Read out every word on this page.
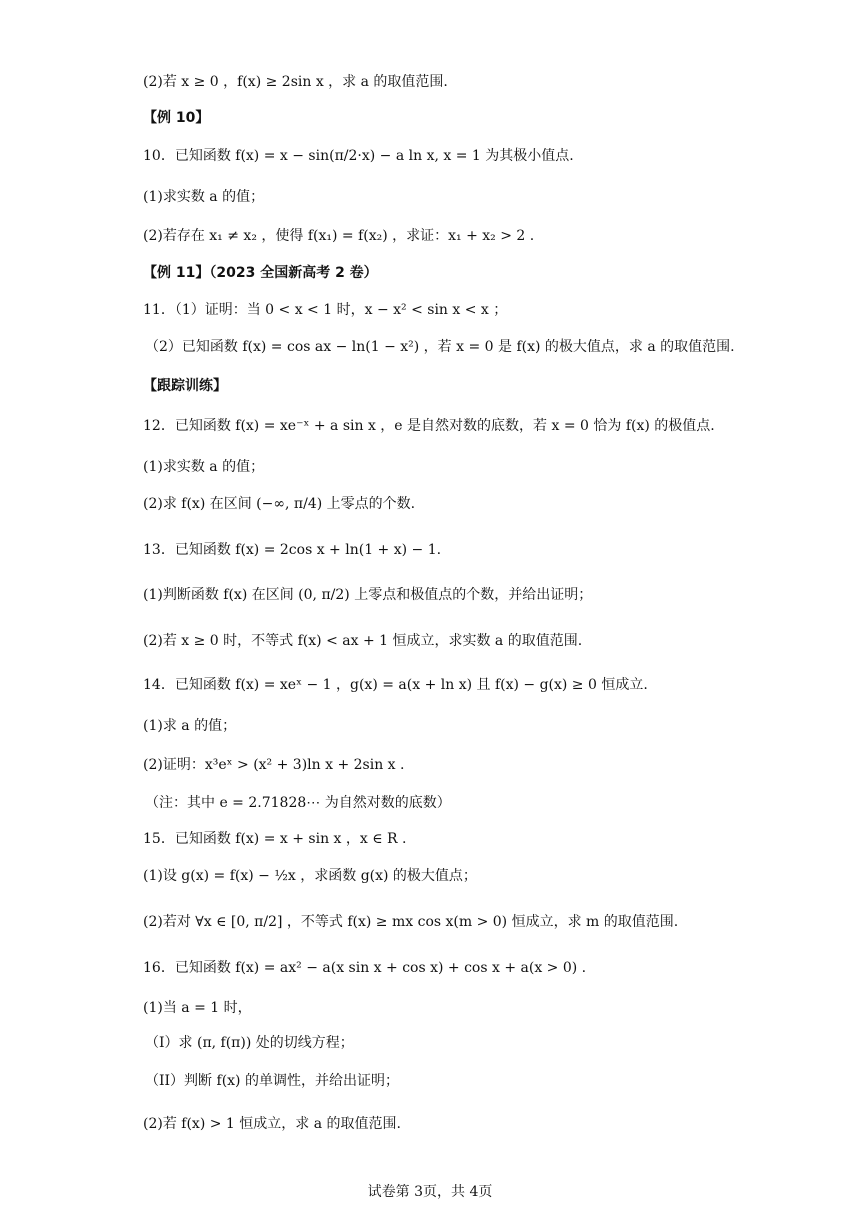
(2)若 x ≥ 0 ，f(x) ≥ 2sin x ，求 a 的取值范围.
【例 10】
10．已知函数 f(x) = x − sin(π/2·x) − a ln x, x = 1 为其极小值点.
(1)求实数 a 的值；
(2)若存在 x₁ ≠ x₂ ，使得 f(x₁) = f(x₂) ，求证：x₁ + x₂ > 2 .
【例 11】（2023 全国新高考 2 卷）
11．（1）证明：当 0 < x < 1 时，x − x² < sin x < x ；
（2）已知函数 f(x) = cos ax − ln(1 − x²) ，若 x = 0 是 f(x) 的极大值点，求 a 的取值范围.
【跟踪训练】
12．已知函数 f(x) = xe⁻ˣ + a sin x ，e 是自然对数的底数，若 x = 0 恰为 f(x) 的极值点.
(1)求实数 a 的值；
(2)求 f(x) 在区间 (−∞, π/4) 上零点的个数.
13．已知函数 f(x) = 2cos x + ln(1 + x) − 1.
(1)判断函数 f(x) 在区间 (0, π/2) 上零点和极值点的个数，并给出证明；
(2)若 x ≥ 0 时，不等式 f(x) < ax + 1 恒成立，求实数 a 的取值范围.
14．已知函数 f(x) = xeˣ − 1 ，g(x) = a(x + ln x) 且 f(x) − g(x) ≥ 0 恒成立.
(1)求 a 的值；
(2)证明：x³eˣ > (x² + 3)ln x + 2sin x .
（注：其中 e = 2.71828⋯ 为自然对数的底数）
15．已知函数 f(x) = x + sin x ，x ∈ R .
(1)设 g(x) = f(x) − ½x ，求函数 g(x) 的极大值点；
(2)若对 ∀x ∈ [0, π/2] ，不等式 f(x) ≥ mx cos x(m > 0) 恒成立，求 m 的取值范围.
16．已知函数 f(x) = ax² − a(x sin x + cos x) + cos x + a(x > 0) .
(1)当 a = 1 时，
（I）求 (π, f(π)) 处的切线方程；
（II）判断 f(x) 的单调性，并给出证明；
(2)若 f(x) > 1 恒成立，求 a 的取值范围.
试卷第 3页，共 4页
